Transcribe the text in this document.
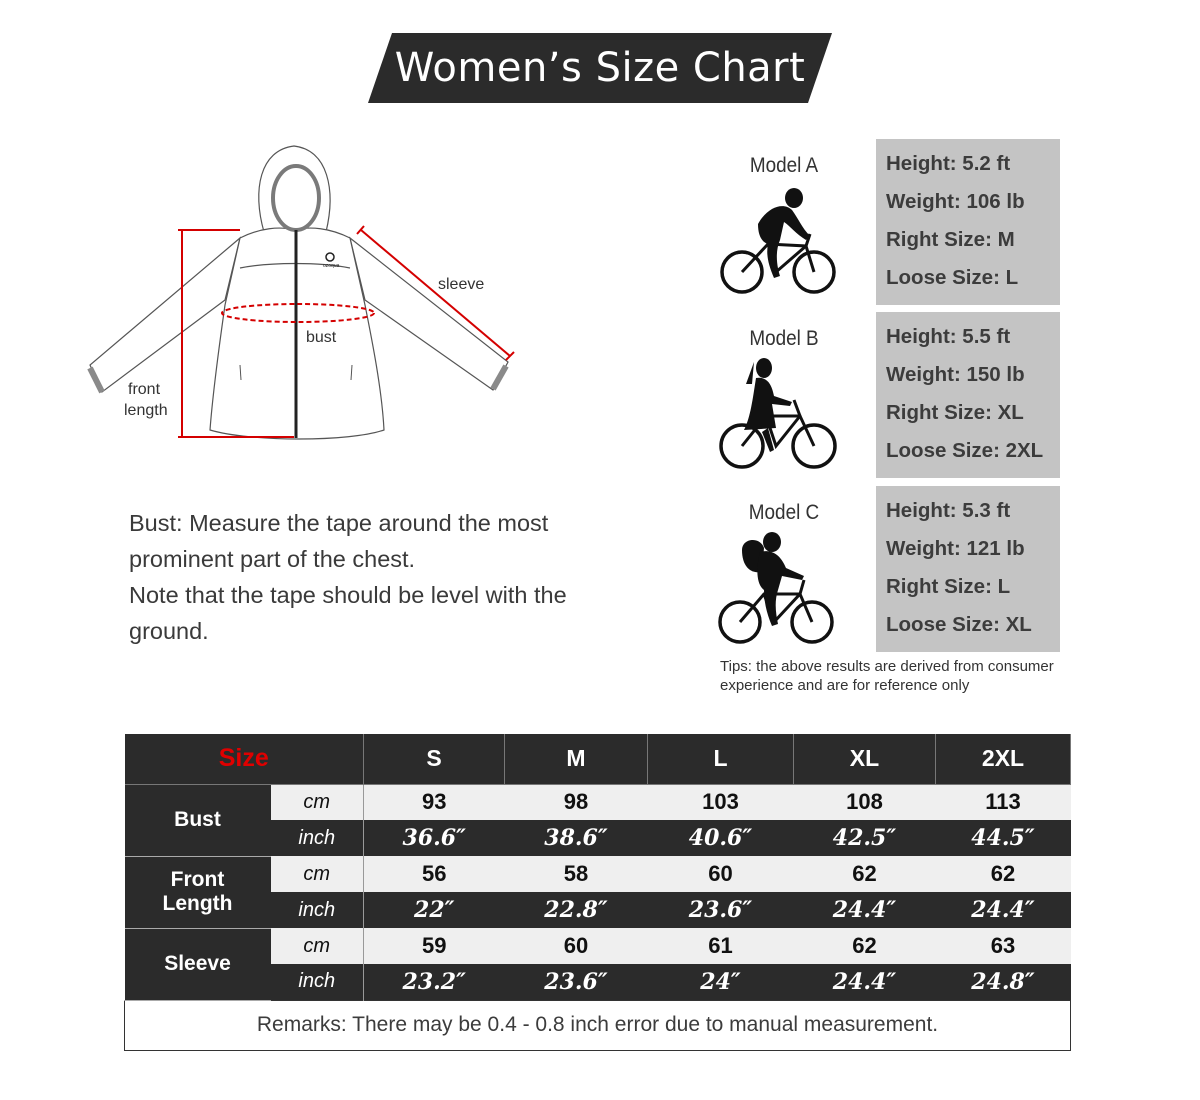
Women’s Size Chart
ozoqua
sleeve
bust
front
length
Bust: Measure the tape around the most
prominent part of the chest.
Note that the tape should be level with the
ground.
Model A	Height: 5.2 ft
Weight: 106 lb
Right Size: M
Loose Size: L
Model B	Height: 5.5 ft
Weight: 150 lb
Right Size: XL
Loose Size: 2XL
Model C	Height: 5.3 ft
Weight: 121 lb
Right Size: L
Loose Size: XL
Tips: the above results are derived from consumer experience and are for reference only
Size		S	M	L	XL	2XL
Bust	cm	93	98	103	108	113
	inch	36.6″	38.6″	40.6″	42.5″	44.5″

Front
Length	cm	56	58	60	62	62
	inch	22″	22.8″	23.6″	24.4″	24.4″
Sleeve	cm	59	60	61	62	63
	inch	23.2″	23.6″	24″	24.4″	24.8″
Remarks: There may be 0.4 - 0.8 inch error due to manual measurement.						
